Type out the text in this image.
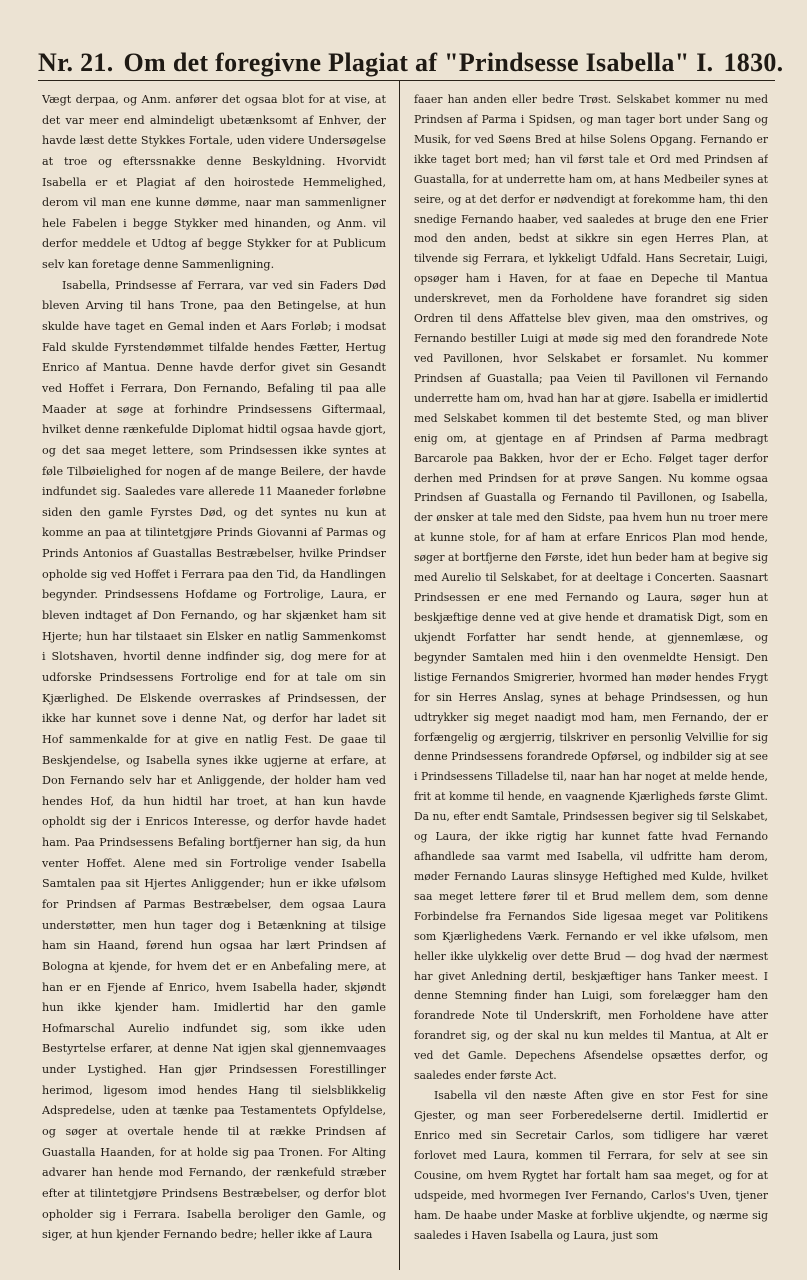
Nr. 21. Om det foregivne Plagiat af "Prindsesse Isabella" I. 1830.

Vægt derpaa, og Anm. anfører det ogsaa blot for at vise, at det var meer end almindeligt ubetænksomt af Enhver, der havde læst dette Stykkes Fortale, uden videre Undersøgelse at troe og efterssnakke denne Beskyldning. Hvorvidt Isabella er et Plagiat af den hoirostede Hemmelighed, derom vil man ene kunne dømme, naar man sammenligner hele Fabelen i begge Stykker med hinanden, og Anm. vil derfor meddele et Udtog af begge Stykker for at Publicum selv kan foretage denne Sammenligning.

Isabella, Prindsesse af Ferrara, var ved sin Faders Død bleven Arving til hans Trone, paa den Betingelse, at hun skulde have taget en Gemal inden et Aars Forløb; i modsat Fald skulde Fyrstendømmet tilfalde hendes Fætter, Hertug Enrico af Mantua. Denne havde derfor givet sin Gesandt ved Hoffet i Ferrara, Don Fernando, Befaling til paa alle Maader at søge at forhindre Prindsessens Giftermaal, hvilket denne rænkefulde Diplomat hidtil ogsaa havde gjort, og det saa meget lettere, som Prindsessen ikke syntes at føle Tilbøielighed for nogen af de mange Beilere, der havde indfundet sig. Saaledes vare allerede 11 Maaneder forløbne siden den gamle Fyrstes Død, og det syntes nu kun at komme an paa at tilintetgjøre Prinds Giovanni af Parmas og Prinds Antonios af Guastallas Bestræbelser, hvilke Prindser opholde sig ved Hoffet i Ferrara paa den Tid, da Handlingen begynder. Prindsessens Hofdame og Fortrolige, Laura, er bleven indtaget af Don Fernando, og har skjænket ham sit Hjerte; hun har tilstaaet sin Elsker en natlig Sammenkomst i Slotshaven, hvortil denne indfinder sig, dog mere for at udforske Prindsessens Fortrolige end for at tale om sin Kjærlighed. De Elskende overraskes af Prindsessen, der ikke har kunnet sove i denne Nat, og derfor har ladet sit Hof sammenkalde for at give en natlig Fest. De gaae til Beskjendelse, og Isabella synes ikke ugjerne at erfare, at Don Fernando selv har et Anliggende, der holder ham ved hendes Hof, da hun hidtil har troet, at han kun havde opholdt sig der i Enricos Interesse, og derfor havde hadet ham. Paa Prindsessens Befaling bortfjerner han sig, da hun venter Hoffet. Alene med sin Fortrolige vender Isabella Samtalen paa sit Hjertes Anliggender; hun er ikke ufølsom for Prindsen af Parmas Bestræbelser, dem ogsaa Laura understøtter, men hun tager dog i Betænkning at tilsige ham sin Haand, førend hun ogsaa har lært Prindsen af Bologna at kjende, for hvem det er en Anbefaling mere, at han er en Fjende af Enrico, hvem Isabella hader, skjøndt hun ikke kjender ham. Imidlertid har den gamle Hofmarschal Aurelio indfundet sig, som ikke uden Bestyrtelse erfarer, at denne Nat igjen skal gjennemvaages under Lystighed. Han gjør Prindsessen Forestillinger herimod, ligesom imod hendes Hang til sielsblikkelig Adspredelse, uden at tænke paa Testamentets Opfyldelse, og søger at overtale hende til at række Prindsen af Guastalla Haanden, for at holde sig paa Tronen. For Alting advarer han hende mod Fernando, der rænkefuld stræber efter at tilintetgjøre Prindsens Bestræbelser, og derfor blot opholder sig i Ferrara. Isabella beroliger den Gamle, og siger, at hun kjender Fernando bedre; heller ikke af Laura

faaer han anden eller bedre Trøst. Selskabet kommer nu med Prindsen af Parma i Spidsen, og man tager bort under Sang og Musik, for ved Søens Bred at hilse Solens Opgang. Fernando er ikke taget bort med; han vil først tale et Ord med Prindsen af Guastalla, for at underrette ham om, at hans Medbeiler synes at seire, og at det derfor er nødvendigt at forekomme ham, thi den snedige Fernando haaber, ved saaledes at bruge den ene Frier mod den anden, bedst at sikkre sin egen Herres Plan, at tilvende sig Ferrara, et lykkeligt Udfald. Hans Secretair, Luigi, opsøger ham i Haven, for at faae en Depeche til Mantua underskrevet, men da Forholdene have forandret sig siden Ordren til dens Affattelse blev given, maa den omstrives, og Fernando bestiller Luigi at møde sig med den forandrede Note ved Pavillonen, hvor Selskabet er forsamlet. Nu kommer Prindsen af Guastalla; paa Veien til Pavillonen vil Fernando underrette ham om, hvad han har at gjøre. Isabella er imidlertid med Selskabet kommen til det bestemte Sted, og man bliver enig om, at gjentage en af Prindsen af Parma medbragt Barcarole paa Bakken, hvor der er Echo. Følget tager derfor derhen med Prindsen for at prøve Sangen. Nu komme ogsaa Prindsen af Guastalla og Fernando til Pavillonen, og Isabella, der ønsker at tale med den Sidste, paa hvem hun nu troer mere at kunne stole, for af ham at erfare Enricos Plan mod hende, søger at bortfjerne den Første, idet hun beder ham at begive sig med Aurelio til Selskabet, for at deeltage i Concerten. Saasnart Prindsessen er ene med Fernando og Laura, søger hun at beskjæftige denne ved at give hende et dramatisk Digt, som en ukjendt Forfatter har sendt hende, at gjennemlæse, og begynder Samtalen med hiin i den ovenmeldte Hensigt. Den listige Fernandos Smigrerier, hvormed han møder hendes Frygt for sin Herres Anslag, synes at behage Prindsessen, og hun udtrykker sig meget naadigt mod ham, men Fernando, der er forfængelig og ærgjerrig, tilskriver en personlig Velvillie for sig denne Prindsessens forandrede Opførsel, og indbilder sig at see i Prindsessens Tilladelse til, naar han har noget at melde hende, frit at komme til hende, en vaagnende Kjærligheds første Glimt. Da nu, efter endt Samtale, Prindsessen begiver sig til Selskabet, og Laura, der ikke rigtig har kunnet fatte hvad Fernando afhandlede saa varmt med Isabella, vil udfritte ham derom, møder Fernando Lauras slinsyge Heftighed med Kulde, hvilket saa meget lettere fører til et Brud mellem dem, som denne Forbindelse fra Fernandos Side ligesaa meget var Politikens som Kjærlighedens Værk. Fernando er vel ikke ufølsom, men heller ikke ulykkelig over dette Brud — dog hvad der nærmest har givet Anledning dertil, beskjæftiger hans Tanker meest. I denne Stemning finder han Luigi, som forelægger ham den forandrede Note til Underskrift, men Forholdene have atter forandret sig, og der skal nu kun meldes til Mantua, at Alt er ved det Gamle. Depechens Afsendelse opsættes derfor, og saaledes ender første Act.

Isabella vil den næste Aften give en stor Fest for sine Gjester, og man seer Forberedelserne dertil. Imidlertid er Enrico med sin Secretair Carlos, som tidligere har været forlovet med Laura, kommen til Ferrara, for selv at see sin Cousine, om hvem Rygtet har fortalt ham saa meget, og for at udspeide, med hvormegen Iver Fernando, Carlos's Uven, tjener ham. De haabe under Maske at forblive ukjendte, og nærme sig saaledes i Haven Isabella og Laura, just som
